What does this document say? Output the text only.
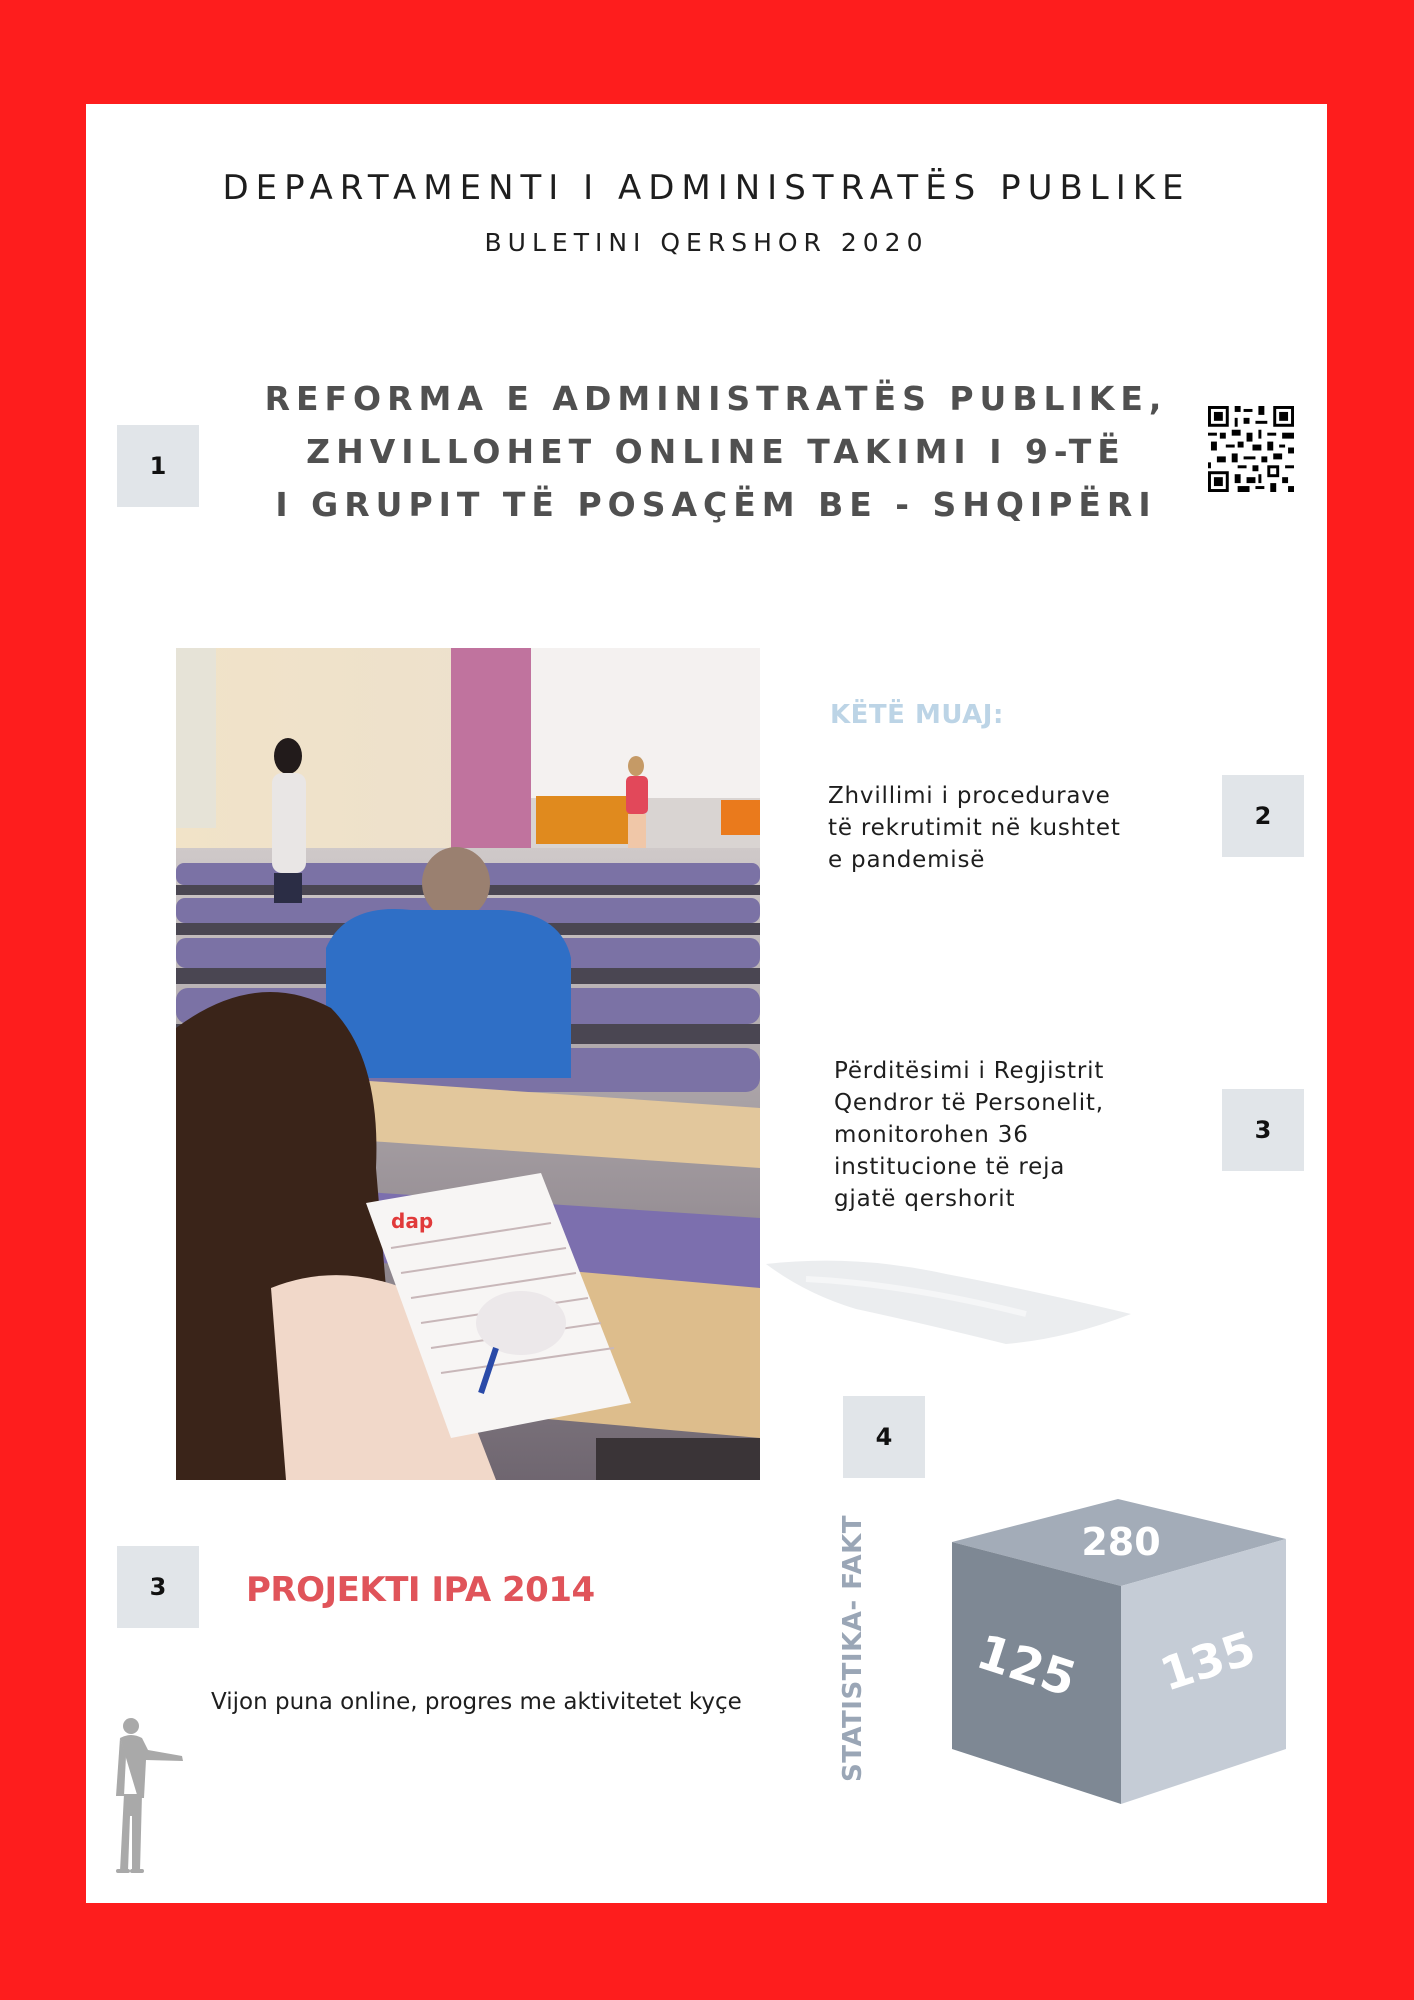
DEPARTAMENTI I ADMINISTRATËS PUBLIKE
BULETINI QERSHOR 2020
1
REFORMA E ADMINISTRATËS PUBLIKE,
ZHVILLOHET ONLINE TAKIMI I 9-TË
I GRUPIT TË POSAÇËM BE - SHQIPËRI
dap
KËTË MUAJ:
Zhvillimi i procedurave të rekrutimit në kushtet e pandemisë
2
Përditësimi i Regjistrit Qendror të Personelit, monitorohen 36 institucione të reja gjatë qershorit
3
4
3	PROJEKTI IPA 2014
Vijon puna online, progres me aktivitetet kyçe	STATISTIKA- FAKT	280
125 135
